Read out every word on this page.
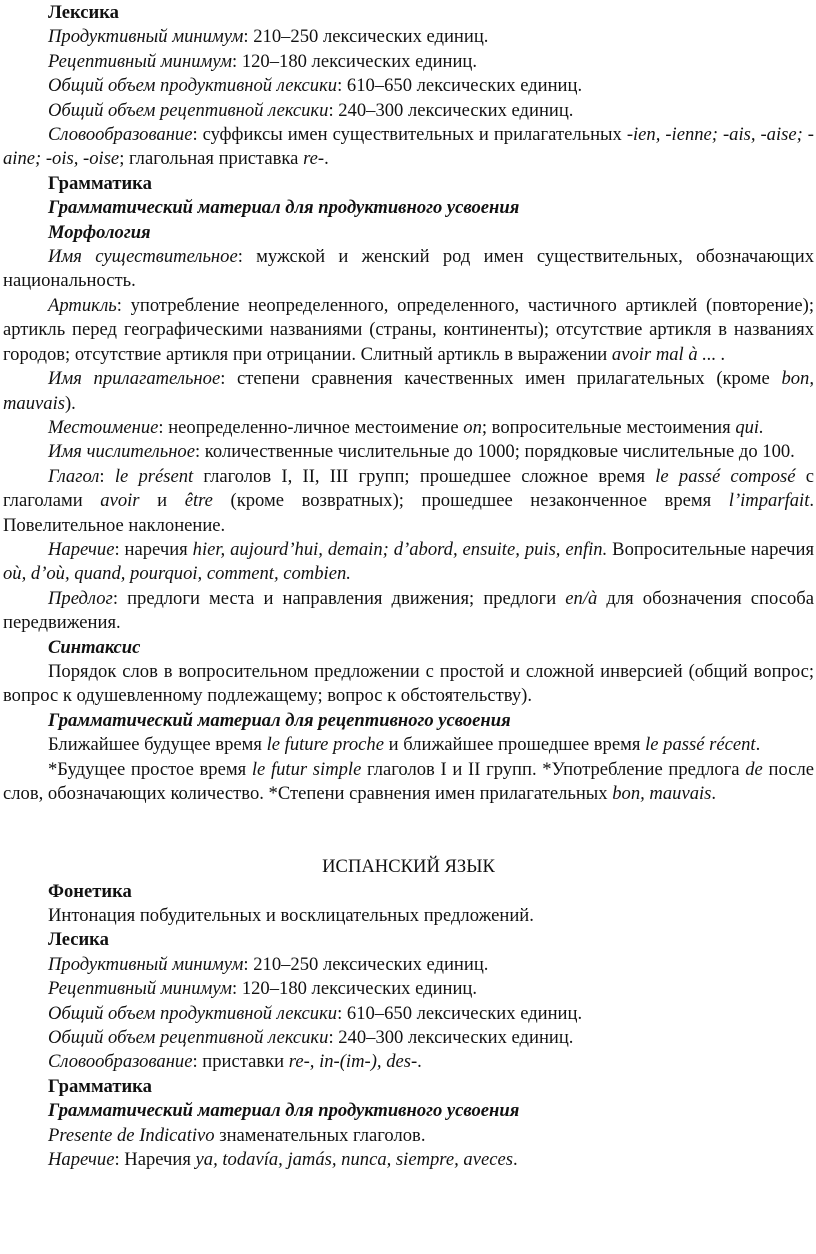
Лексика

Продуктивный минимум: 210–250 лексических единиц.

Рецептивный минимум: 120–180 лексических единиц.

Общий объем продуктивной лексики: 610–650 лексических единиц.

Общий объем рецептивной лексики: 240–300 лексических единиц.

Словообразование: суффиксы имен существительных и прилагательных -ien, -ienne; -ais, -aise; -aine; -ois, -oise; глагольная приставка re-.

Грамматика

Грамматический материал для продуктивного усвоения

Морфология

Имя существительное: мужской и женский род имен существительных, обозначающих национальность.

Артикль: употребление неопределенного, определенного, частичного артиклей (повторение); артикль перед географическими названиями (страны, континенты); отсутствие артикля в названиях городов; отсутствие артикля при отрицании. Слитный артикль в выражении avoir mal à ... .

Имя прилагательное: степени сравнения качественных имен прилагательных (кроме bon, mauvais).

Местоимение: неопределенно-личное местоимение on; вопросительные местоимения qui.

Имя числительное: количественные числительные до 1000; порядковые числительные до 100.

Глагол: le présent глаголов I, II, III групп; прошедшее сложное время le passé composé с глаголами avoir и être (кроме возвратных); прошедшее незаконченное время l’imparfait. Повелительное наклонение.

Наречие: наречия hier, aujourd’hui, demain; d’abord, ensuite, puis, enfin. Вопросительные наречия où, d’où, quand, pourquoi, comment, combien.

Предлог: предлоги места и направления движения; предлоги en/à для обозначения способа передвижения.

Синтаксис

Порядок слов в вопросительном предложении с простой и сложной инверсией (общий вопрос; вопрос к одушевленному подлежащему; вопрос к обстоятельству).

Грамматический материал для рецептивного усвоения

Ближайшее будущее время le future proche и ближайшее прошедшее время le passé récent.

*Будущее простое время le futur simple глаголов I и II групп. *Употребление предлога de после слов, обозначающих количество. *Степени сравнения имен прилагательных bon, mauvais.

ИСПАНСКИЙ ЯЗЫК

Фонетика

Интонация побудительных и восклицательных предложений.

Лесика

Продуктивный минимум: 210–250 лексических единиц.

Рецептивный минимум: 120–180 лексических единиц.

Общий объем продуктивной лексики: 610–650 лексических единиц.

Общий объем рецептивной лексики: 240–300 лексических единиц.

Словообразование: приставки re-, in-(im-), des-.

Грамматика

Грамматический материал для продуктивного усвоения

Presente de Indicativo знаменательных глаголов.

Наречие: Наречия ya, todavía, jamás, nunca, siempre, avecеs.
